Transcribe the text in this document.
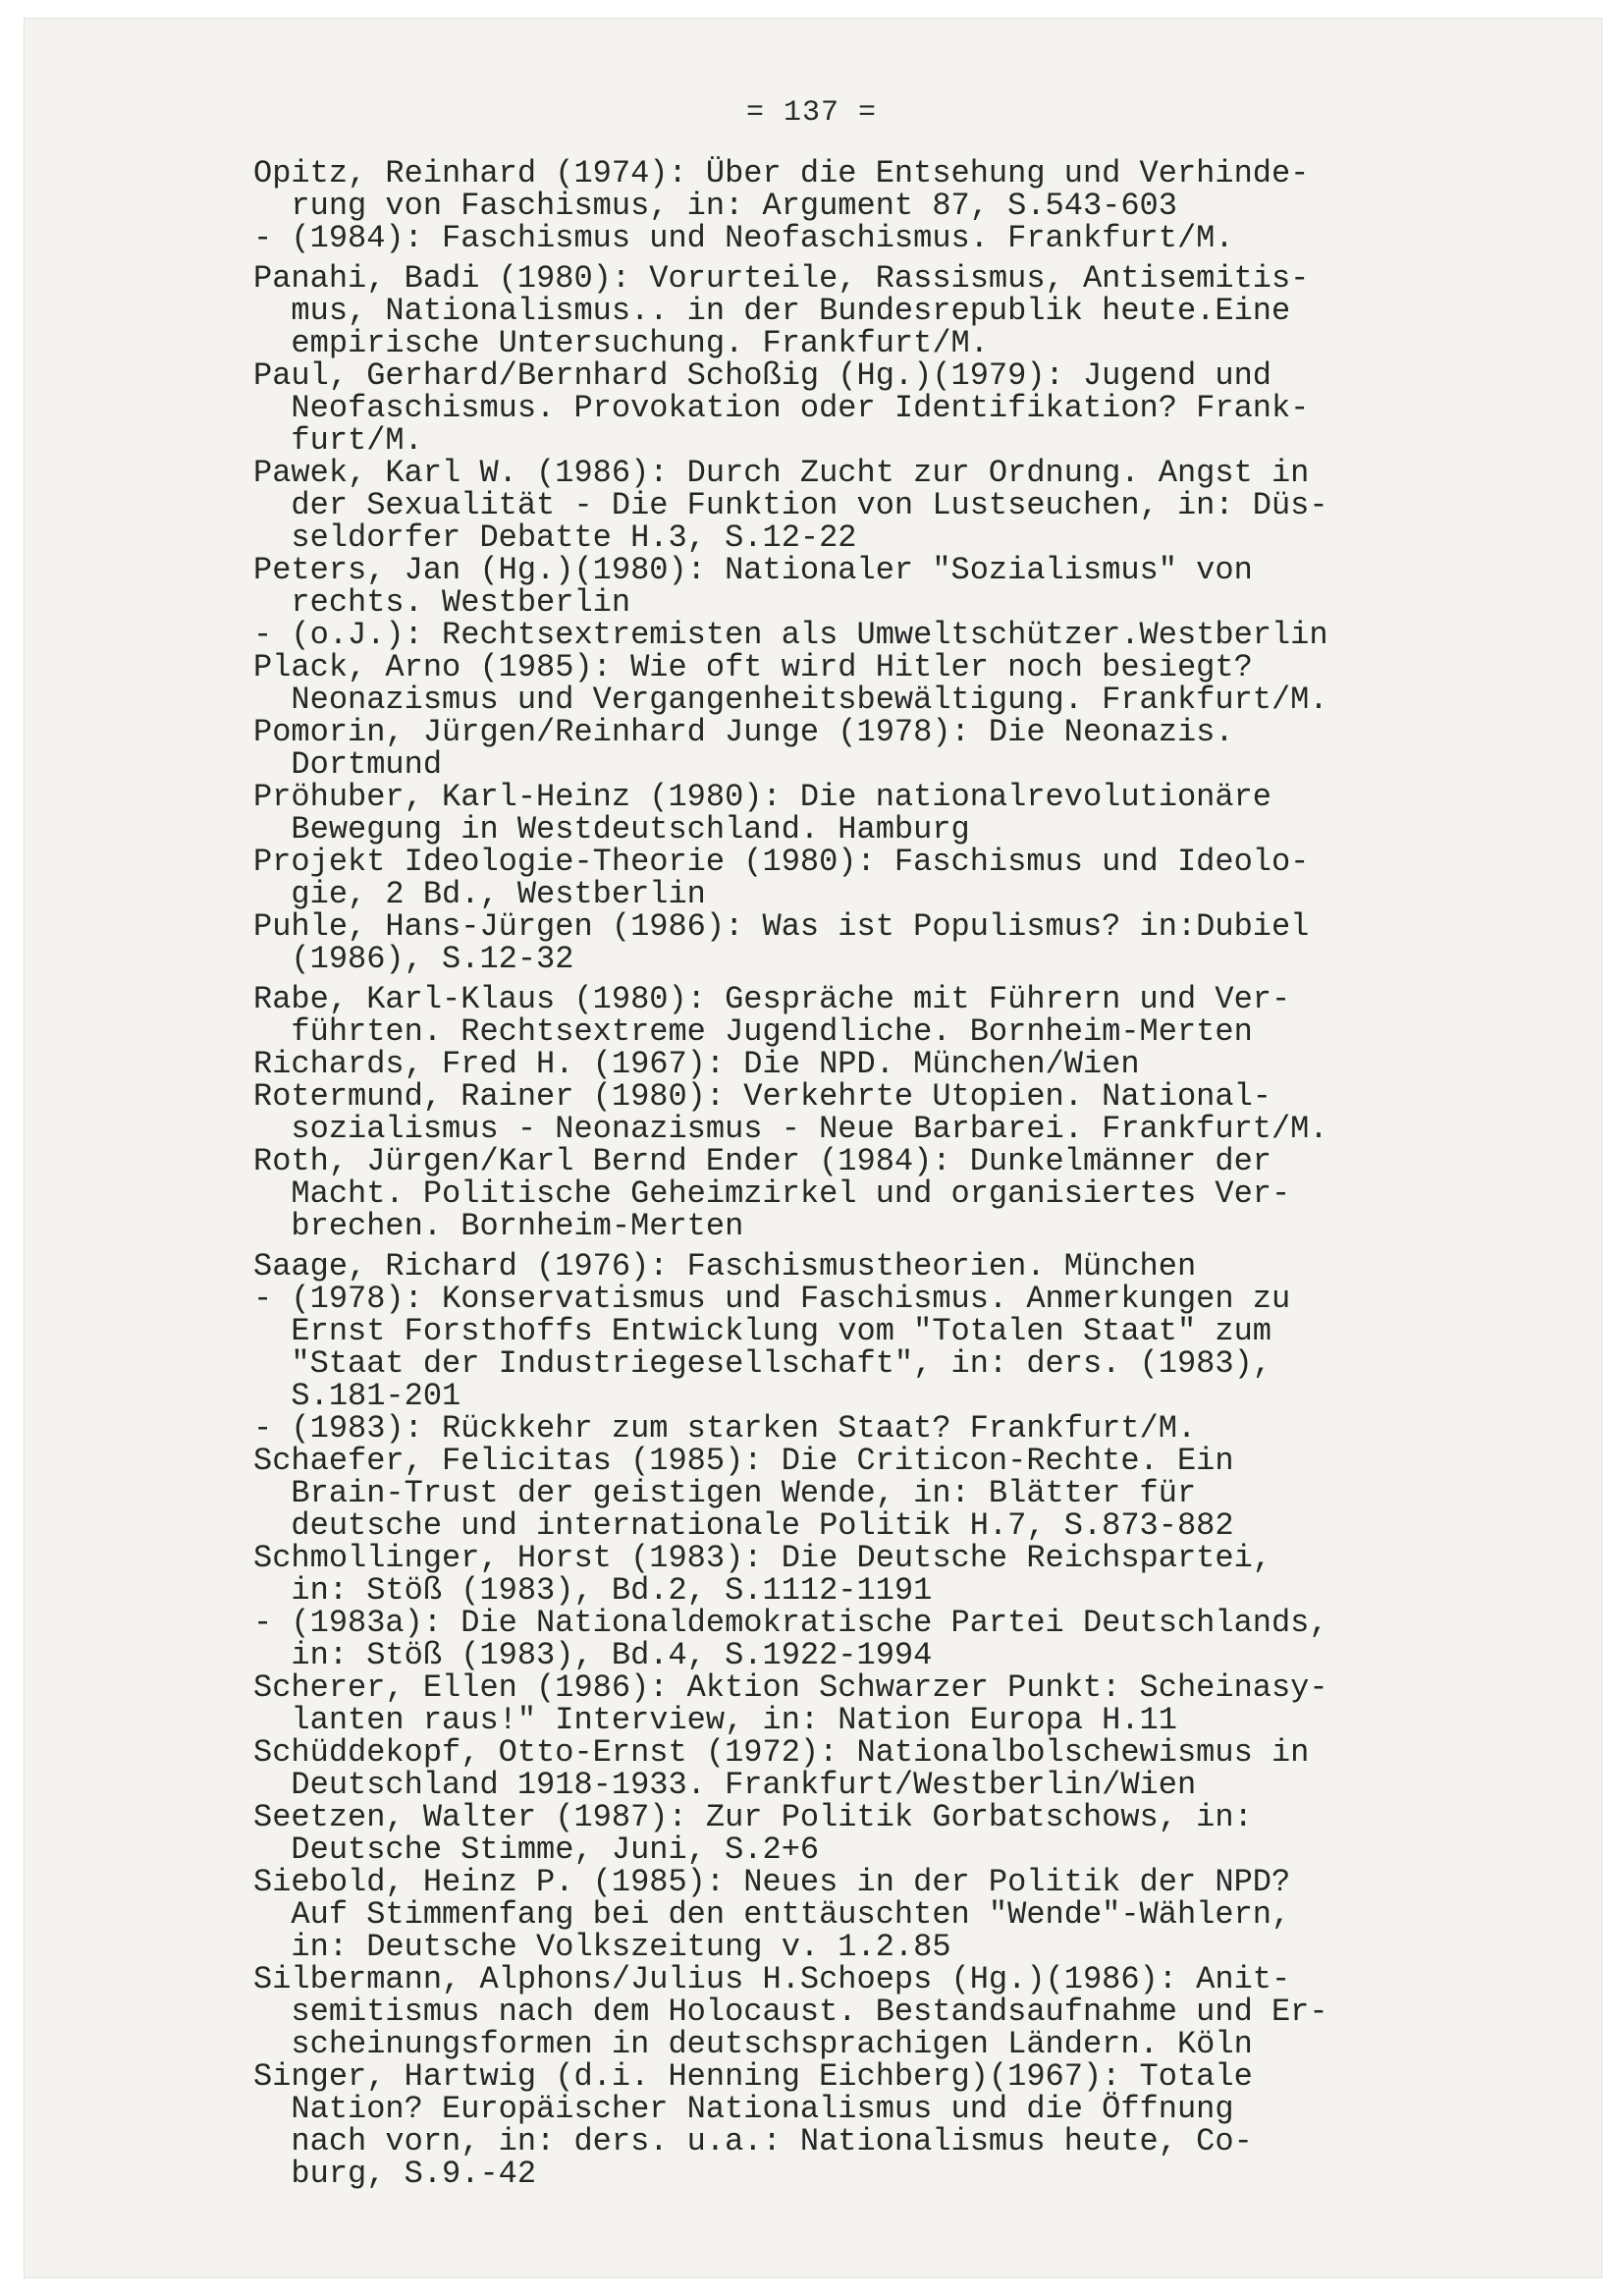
= 137 =

Opitz, Reinhard (1974): Über die Entsehung und Verhinde-
rung von Faschismus, in: Argument 87, S.543-603

- (1984): Faschismus und Neofaschismus. Frankfurt/M.

Panahi, Badi (1980): Vorurteile, Rassismus, Antisemitis-
mus, Nationalismus.. in der Bundesrepublik heute.Eine
empirische Untersuchung. Frankfurt/M.

Paul, Gerhard/Bernhard Schoßig (Hg.)(1979): Jugend und
Neofaschismus. Provokation oder Identifikation? Frank-
furt/M.

Pawek, Karl W. (1986): Durch Zucht zur Ordnung. Angst in
der Sexualität - Die Funktion von Lustseuchen, in: Düs-
seldorfer Debatte H.3, S.12-22

Peters, Jan (Hg.)(1980): Nationaler "Sozialismus" von
rechts. Westberlin

- (o.J.): Rechtsextremisten als Umweltschützer.Westberlin

Plack, Arno (1985): Wie oft wird Hitler noch besiegt?
Neonazismus und Vergangenheitsbewältigung. Frankfurt/M.

Pomorin, Jürgen/Reinhard Junge (1978): Die Neonazis.
Dortmund

Pröhuber, Karl-Heinz (1980): Die nationalrevolutionäre
Bewegung in Westdeutschland. Hamburg

Projekt Ideologie-Theorie (1980): Faschismus und Ideolo-
gie, 2 Bd., Westberlin

Puhle, Hans-Jürgen (1986): Was ist Populismus? in:Dubiel
(1986), S.12-32

Rabe, Karl-Klaus (1980): Gespräche mit Führern und Ver-
führten. Rechtsextreme Jugendliche. Bornheim-Merten

Richards, Fred H. (1967): Die NPD. München/Wien

Rotermund, Rainer (1980): Verkehrte Utopien. National-
sozialismus - Neonazismus - Neue Barbarei. Frankfurt/M.

Roth, Jürgen/Karl Bernd Ender (1984): Dunkelmänner der
Macht. Politische Geheimzirkel und organisiertes Ver-
brechen. Bornheim-Merten

Saage, Richard (1976): Faschismustheorien. München

- (1978): Konservatismus und Faschismus. Anmerkungen zu
Ernst Forsthoffs Entwicklung vom "Totalen Staat" zum
"Staat der Industriegesellschaft", in: ders. (1983),
S.181-201

- (1983): Rückkehr zum starken Staat? Frankfurt/M.

Schaefer, Felicitas (1985): Die Criticon-Rechte. Ein
Brain-Trust der geistigen Wende, in: Blätter für
deutsche und internationale Politik H.7, S.873-882

Schmollinger, Horst (1983): Die Deutsche Reichspartei,
in: Stöß (1983), Bd.2, S.1112-1191

- (1983a): Die Nationaldemokratische Partei Deutschlands,
in: Stöß (1983), Bd.4, S.1922-1994

Scherer, Ellen (1986): Aktion Schwarzer Punkt: Scheinasy-
lanten raus!" Interview, in: Nation Europa H.11

Schüddekopf, Otto-Ernst (1972): Nationalbolschewismus in
Deutschland 1918-1933. Frankfurt/Westberlin/Wien

Seetzen, Walter (1987): Zur Politik Gorbatschows, in:
Deutsche Stimme, Juni, S.2+6

Siebold, Heinz P. (1985): Neues in der Politik der NPD?
Auf Stimmenfang bei den enttäuschten "Wende"-Wählern,
in: Deutsche Volkszeitung v. 1.2.85

Silbermann, Alphons/Julius H.Schoeps (Hg.)(1986): Anit-
semitismus nach dem Holocaust. Bestandsaufnahme und Er-
scheinungsformen in deutschsprachigen Ländern. Köln

Singer, Hartwig (d.i. Henning Eichberg)(1967): Totale
Nation? Europäischer Nationalismus und die Öffnung
nach vorn, in: ders. u.a.: Nationalismus heute, Co-
burg, S.9.-42
